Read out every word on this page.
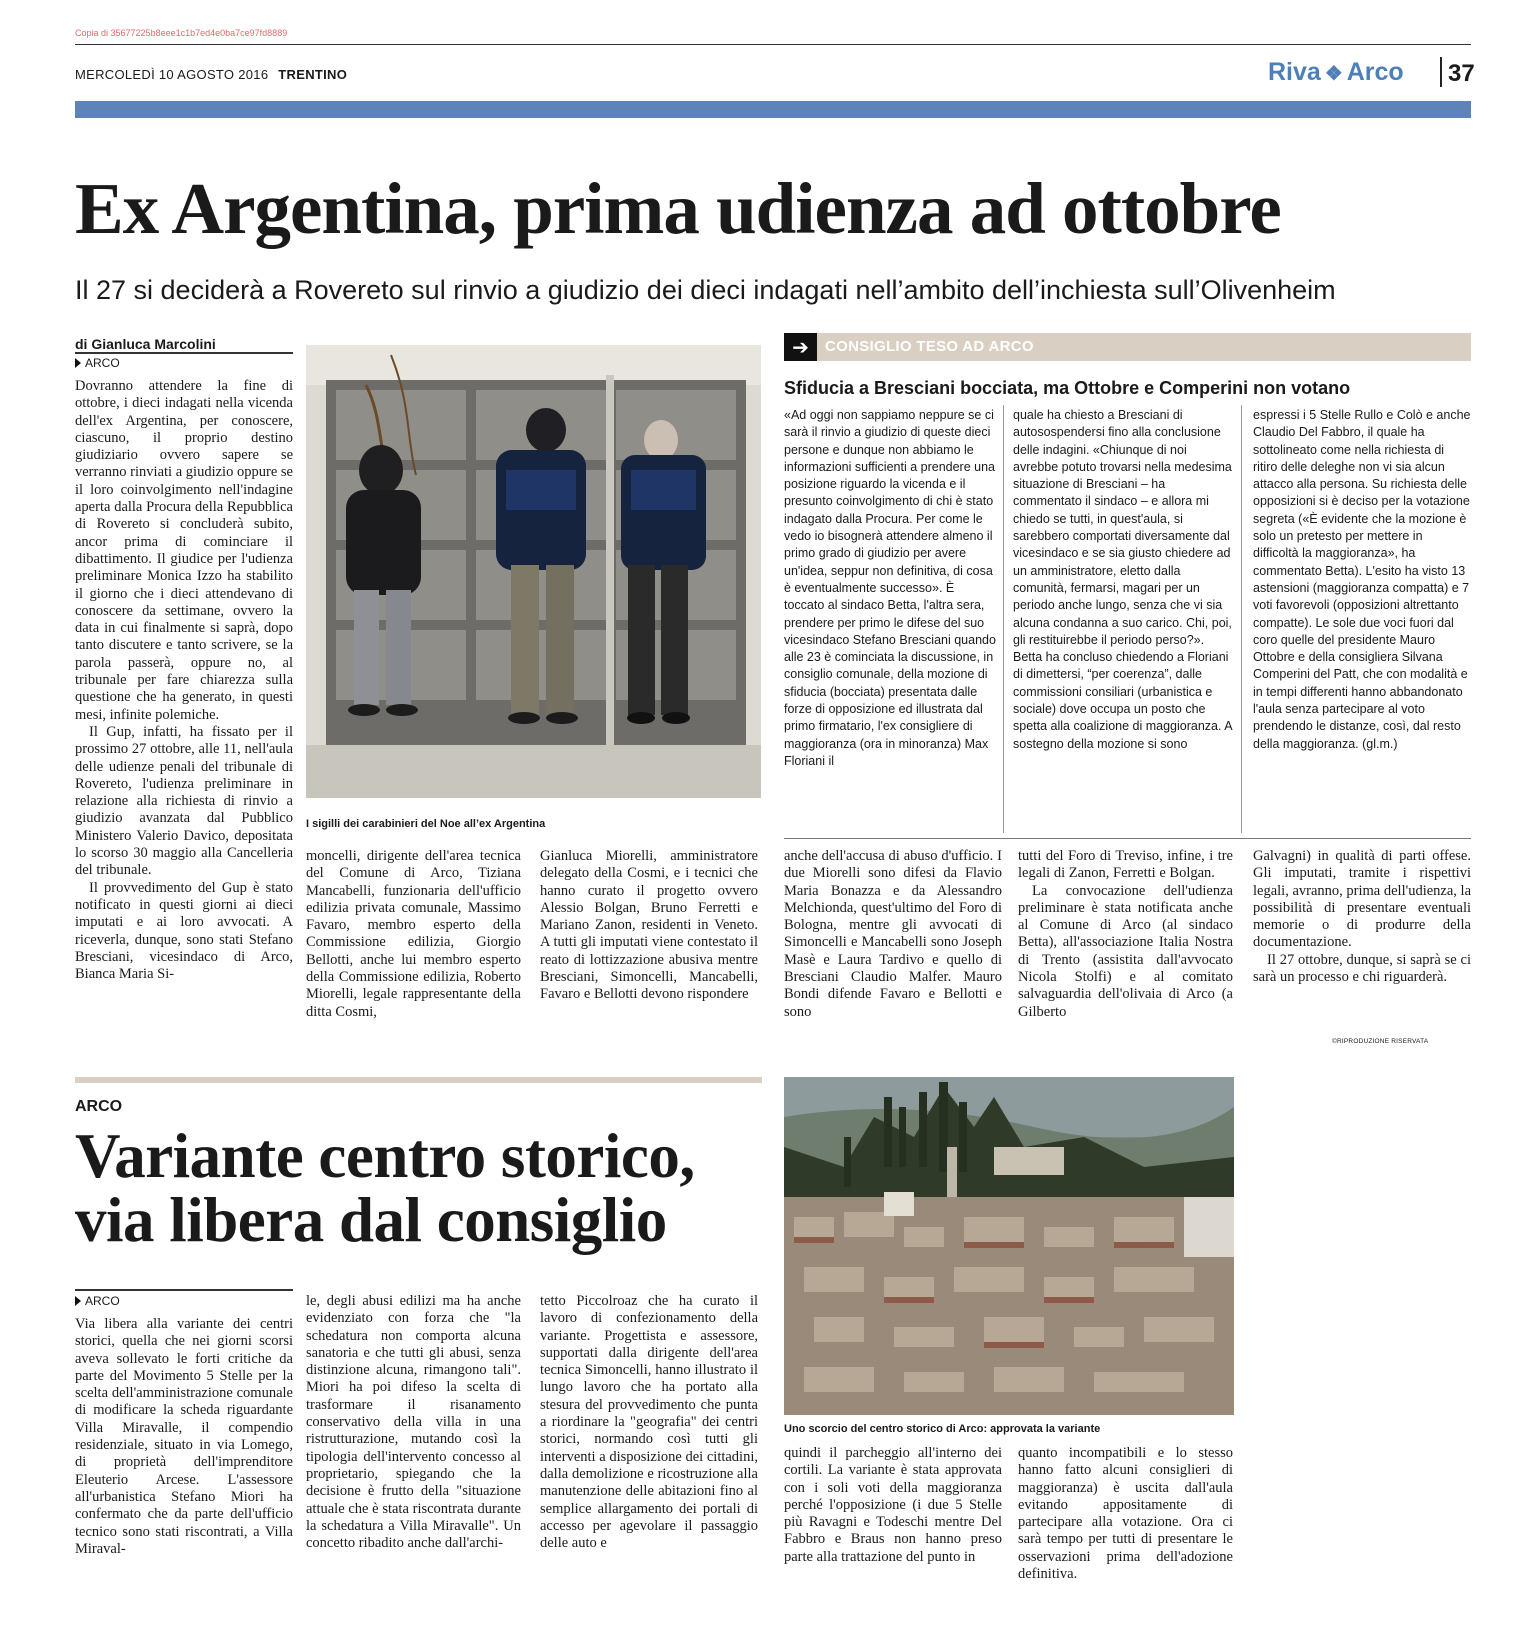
Copia di 35677225b8eee1c1b7ed4e0ba7ce97fd8889
MERCOLEDÌ 10 AGOSTO 2016 TRENTINO	Riva ❖ Arco 37
Ex Argentina, prima udienza ad ottobre
Il 27 si deciderà a Rovereto sul rinvio a giudizio dei dieci indagati nell’ambito dell’inchiesta sull’Olivenheim
di Gianluca Marcolini
ARCO

Dovranno attendere la fine di ottobre, i dieci indagati nella vicenda dell'ex Argentina, per conoscere, ciascuno, il proprio destino giudiziario ovvero sapere se verranno rinviati a giudizio oppure se il loro coinvolgimento nell'indagine aperta dalla Procura della Repubblica di Rovereto si concluderà subito, ancor prima di cominciare il dibattimento. Il giudice per l'udienza preliminare Monica Izzo ha stabilito il giorno che i dieci attendevano di conoscere da settimane, ovvero la data in cui finalmente si saprà, dopo tanto discutere e tanto scrivere, se la parola passerà, oppure no, al tribunale per fare chiarezza sulla questione che ha generato, in questi mesi, infinite polemiche.

Il Gup, infatti, ha fissato per il prossimo 27 ottobre, alle 11, nell'aula delle udienze penali del tribunale di Rovereto, l'udienza preliminare in relazione alla richiesta di rinvio a giudizio avanzata dal Pubblico Ministero Valerio Davico, depositata lo scorso 30 maggio alla Cancelleria del tribunale.

Il provvedimento del Gup è stato notificato in questi giorni ai dieci imputati e ai loro avvocati. A riceverla, dunque, sono stati Stefano Bresciani, vicesindaco di Arco, Bianca Maria Si-

I sigilli dei carabinieri del Noe all’ex Argentina

moncelli, dirigente dell'area tecnica del Comune di Arco, Tiziana Mancabelli, funzionaria dell'ufficio edilizia privata comunale, Massimo Favaro, membro esperto della Commissione edilizia, Giorgio Bellotti, anche lui membro esperto della Commissione edilizia, Roberto Miorelli, legale rappresentante della ditta Cosmi,

Gianluca Miorelli, amministratore delegato della Cosmi, e i tecnici che hanno curato il progetto ovvero Alessio Bolgan, Bruno Ferretti e Mariano Zanon, residenti in Veneto. A tutti gli imputati viene contestato il reato di lottizzazione abusiva mentre Bresciani, Simoncelli, Mancabelli, Favaro e Bellotti devono rispondere

anche dell'accusa di abuso d'ufficio. I due Miorelli sono difesi da Flavio Maria Bonazza e da Alessandro Melchionda, quest'ultimo del Foro di Bologna, mentre gli avvocati di Simoncelli e Mancabelli sono Joseph Masè e Laura Tardivo e quello di Bresciani Claudio Malfer. Mauro Bondi difende Favaro e Bellotti e sono

tutti del Foro di Treviso, infine, i tre legali di Zanon, Ferretti e Bolgan.

La convocazione dell'udienza preliminare è stata notificata anche al Comune di Arco (al sindaco Betta), all'associazione Italia Nostra di Trento (assistita dall'avvocato Nicola Stolfi) e al comitato salvaguardia dell'olivaia di Arco (a Gilberto

Galvagni) in qualità di parti offese. Gli imputati, tramite i rispettivi legali, avranno, prima dell'udienza, la possibilità di presentare eventuali memorie o di produrre della documentazione.

Il 27 ottobre, dunque, si saprà se ci sarà un processo e chi riguarderà.

©RIPRODUZIONE RISERVATA
➔	CONSIGLIO TESO AD ARCO
Sfiducia a Bresciani bocciata, ma Ottobre e Comperini non votano
«Ad oggi non sappiamo neppure se ci sarà il rinvio a giudizio di queste dieci persone e dunque non abbiamo le informazioni sufficienti a prendere una posizione riguardo la vicenda e il presunto coinvolgimento di chi è stato indagato dalla Procura. Per come le vedo io bisognerà attendere almeno il primo grado di giudizio per avere un'idea, seppur non definitiva, di cosa è eventualmente successo». È toccato al sindaco Betta, l'altra sera, prendere per primo le difese del suo vicesindaco Stefano Bresciani quando alle 23 è cominciata la discussione, in consiglio comunale, della mozione di sfiducia (bocciata) presentata dalle forze di opposizione ed illustrata dal primo firmatario, l'ex consigliere di maggioranza (ora in minoranza) Max Floriani il
quale ha chiesto a Bresciani di autosospendersi fino alla conclusione delle indagini. «Chiunque di noi avrebbe potuto trovarsi nella medesima situazione di Bresciani – ha commentato il sindaco – e allora mi chiedo se tutti, in quest'aula, si sarebbero comportati diversamente dal vicesindaco e se sia giusto chiedere ad un amministratore, eletto dalla comunità, fermarsi, magari per un periodo anche lungo, senza che vi sia alcuna condanna a suo carico. Chi, poi, gli restituirebbe il periodo perso?». Betta ha concluso chiedendo a Floriani di dimettersi, “per coerenza”, dalle commissioni consiliari (urbanistica e sociale) dove occupa un posto che spetta alla coalizione di maggioranza. A sostegno della mozione si sono
espressi i 5 Stelle Rullo e Colò e anche Claudio Del Fabbro, il quale ha sottolineato come nella richiesta di ritiro delle deleghe non vi sia alcun attacco alla persona. Su richiesta delle opposizioni si è deciso per la votazione segreta («È evidente che la mozione è solo un pretesto per mettere in difficoltà la maggioranza», ha commentato Betta). L'esito ha visto 13 astensioni (maggioranza compatta) e 7 voti favorevoli (opposizioni altrettanto compatte). Le sole due voci fuori dal coro quelle del presidente Mauro Ottobre e della consigliera Silvana Comperini del Patt, che con modalità e in tempi differenti hanno abbandonato l'aula senza partecipare al voto prendendo le distanze, così, dal resto della maggioranza. (gl.m.)
ARCO
Variante centro storico,
via libera dal consiglio
ARCO

Via libera alla variante dei centri storici, quella che nei giorni scorsi aveva sollevato le forti critiche da parte del Movimento 5 Stelle per la scelta dell'amministrazione comunale di modificare la scheda riguardante Villa Miravalle, il compendio residenziale, situato in via Lomego, di proprietà dell'imprenditore Eleuterio Arcese. L'assessore all'urbanistica Stefano Miori ha confermato che da parte dell'ufficio tecnico sono stati riscontrati, a Villa Miraval-

le, degli abusi edilizi ma ha anche evidenziato con forza che "la schedatura non comporta alcuna sanatoria e che tutti gli abusi, senza distinzione alcuna, rimangono tali". Miori ha poi difeso la scelta di trasformare il risanamento conservativo della villa in una ristrutturazione, mutando così la tipologia dell'intervento concesso al proprietario, spiegando che la decisione è frutto della "situazione attuale che è stata riscontrata durante la schedatura a Villa Miravalle". Un concetto ribadito anche dall'archi-

tetto Piccolroaz che ha curato il lavoro di confezionamento della variante. Progettista e assessore, supportati dalla dirigente dell'area tecnica Simoncelli, hanno illustrato il lungo lavoro che ha portato alla stesura del provvedimento che punta a riordinare la "geografia" dei centri storici, normando così tutti gli interventi a disposizione dei cittadini, dalla demolizione e ricostruzione alla manutenzione delle abitazioni fino al semplice allargamento dei portali di accesso per agevolare il passaggio delle auto e

Uno scorcio del centro storico di Arco: approvata la variante

quindi il parcheggio all'interno dei cortili. La variante è stata approvata con i soli voti della maggioranza perché l'opposizione (i due 5 Stelle più Ravagni e Todeschi mentre Del Fabbro e Braus non hanno preso parte alla trattazione del punto in

quanto incompatibili e lo stesso hanno fatto alcuni consiglieri di maggioranza) è uscita dall'aula evitando appositamente di partecipare alla votazione. Ora ci sarà tempo per tutti di presentare le osservazioni prima dell'adozione definitiva.
